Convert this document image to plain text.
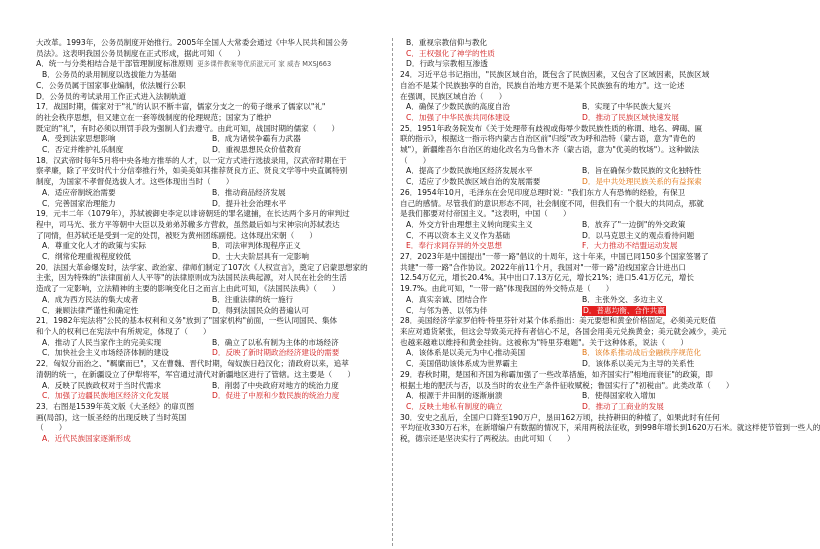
大改革。1993年，公务员制度开始推行。2005年全国人大常委会通过《中华人民共和国公务
员法》。这表明我国公务员制度在正式形成，据此可知（　　）
A．统一与分类相结合是干部管理制度标准原则 更多课件教案等优质滋元可 家 威杏 MXSJ663
B．公务员的录用制度以选拔能力为基础
C．公务员属于国家事业编制，依法履行公职
D．公务员的考试录用工作正式进入法制轨道
17．战国时期，儒家对于"礼"的认识不断丰富，儒家分支之一的荀子继承了儒家以"礼"
的社会秩序思想，但又建立在一套等级制度的伦理规范；国家为了维护
既定的"礼"，有时必须以刑罚手段为强制人们去遵守。由此可知，战国时期的儒家（　　）
A．受到法家思想影响	B．成为诸侯争霸有力武器
C．否定并维护礼乐制度	D．重视思想民众价值教育
18．汉武帝时每年5月将中央各地方推举的人才，以一定方式进行选拔录用，汉武帝时期在于
察孝廉，除了平安时代十分信奉推行外，如美美如其推荐贤良方正、贤良文学等中央直属特别
制度，为国家不孝督促选拔人才。这些体现出当时（　　）
A．适应帝制统治需要	B．推动商品经济发展
C．完善国家治理能力	D．提升社会治理水平
19．元丰二年（1079年），苏轼被御史李定以诽谤朝廷的罪名逮捕，在长达两个多月的审判过
程中，司马光、张方平等朝中大臣以及弟弟苏辙多方营救，虽然最后如与宋神宗向苏轼表达
了同情，但苏轼还是受到一定的处罚，被贬为黄州团练副使。这体现出宋朝（　　）
A．尊重文化人才的政策与实际	B．司法审判体现程序正义
C．纲常伦理重视程度较低	D．士大夫阶层具有一定影响
20．法国大革命爆发时，法学家、政治家、律师们制定了107次《人权宣言》，奠定了启蒙思想家的
主张，因为特殊的"法律面前人人平等"的法律原则成为法国民法典起源，对人民在社会的生活
造成了一定影响，立法精神的主要的影响变化日之而言上由此可知，《法国民法典》（　　）
A．成为西方民法的集大成者	B．注重法律的统一施行
C．兼顾法律严谨性和确定性	D．得到法国民众的普遍认可
21．1982年宪法将"公民的基本权利和义务"放到了"国家机构"前面，一些认同国民、集体
和个人的权利已在宪法中有所规定，体现了（　　）
A．推动了人民当家作主的完美实现	B．确立了以私有制为主体的市场经济
C．加快社会主义市场经济体制的建设	D．反映了新时期政治经济建设的需要
22．匈奴分而治之、"羁縻而已"，又在曹魏、晋代时期，匈奴族日趋汉化；清政府以来，追萃
清朝的统一，在新疆设立了伊犁将军，军官通过清代对新疆地区进行了管辖。这主要是（　　）
A．反映了民族政权对于当时代需求	B．削弱了中央政府对地方的统治力度
C．加强了边疆民族地区经济文化发展	D．促进了中原和少数民族的统治力度
23．右图是1539年英文版《大圣经》的扉页图
画(局部)，这一版圣经的出现反映了当时英国
（　　）
A．近代民族国家逐渐形成
B．重视宗教信仰与教化
C．王权强化了神学的性质
D．行政与宗教相互渗透
24．习近平总书记指出，"民族区域自治，既包含了民族因素，又包含了区域因素，民族区域
自治不是某个民族独享的自治，民族自治地方更不是某个民族独有的地方"。这一论述
在强调，民族区域自治（　　）
A．确保了少数民族的高度自治	B．实现了中华民族大复兴
C．加强了中华民族共同体建设	D．推动了民族区域快速发展
25．1951年政务院发布《关于处理带有歧视或侮辱少数民族性质的称谓、地名、碑碣、匾
联的指示》，根据这一指示将内蒙古自治区前"归绥"改为呼和浩特（蒙古语，意为"青色的
城"），新疆维吾尔自治区的迪化改名为乌鲁木齐（蒙古语，意为"优美的牧场"）。这种做法
（　　）
A．提高了少数民族地区经济发展水平	B．旨在确保少数民族的文化独特性
C．适应了少数民族区域自治的发展需要	D．是中共处理民族关系的有益探索
26．1954年10月，毛泽东在会见印度总理时说："我们东方人有恐怖的经验，有保卫
自己的感情。尽管我们的意识形态不同，社会制度不同，但我们有一个很大的共同点，那就
是我们都要对付帝国主义。"这表明，中国（　　）
A．外交方针由理想主义转向现实主义	B．放弃了"一边倒"的外交政策
C．不再以资本主义义作为基础	D．以马克思主义的观点看待问题
E．奉行求同存异的外交思想	F．大力推动不结盟运动发展
27．2023年是中国提出"一带一路"倡议的十周年，这十年来，中国已同150多个国家签署了
共建"一带一路"合作协议。2022年前11个月，我国对"一带一路"沿线国家合计进出口
12.54万亿元，增长20.4%。其中出口7.13万亿元，增长21%；进口5.41万亿元，增长
19.7%。由此可知，"一带一路"体现我国的外交特点是（　　）
A．真实亲诚、团结合作	B．主张外交、多边主义
C．与邻为善、以邻为伴	D．普惠均衡、合作共赢
28．美国经济学家罗伯特·特里芬针对某个体系指出：美元要想和黄金价格固定，必须美元贬值
来应对通货紧张，但这会导致美元持有者信心不足，各国会用美元兑换黄金；美元就会减少，美元
也越来越难以维持和黄金挂钩。这被称为"特里芬难题"。关于这种体系，说法（　　）
A．该体系是以美元为中心推动美国	B．该体系推动战后金融秩序规范化
C．美国借助该体系成为世界霸主	D．该体系以美元为主导的关系性
29．春秋时期，楚国和齐国为称霸加强了一些改革措施，如齐国实行"相地而衰征"的政策，即
根据土地的肥沃与否，以及当时的农业生产条件征收赋税；鲁国实行了"初税亩"。此类改革（　　）
A．根源于井田制的逐渐崩溃	B．使得国家收入增加
C．反映土地私有制度的确立	D．推动了工商业的发展
30．安史之乱后，全国户口降至190万户，垦田162万顷，扶持耕田的种植了，如果此时有任何
平均征收330万石米，在新增编户有数据的情况下，采用两税法征收，到998年增长到1620万石米。就这样使节管到一些人的
税，德宗还是坚决实行了两税法。由此可知（　　）
